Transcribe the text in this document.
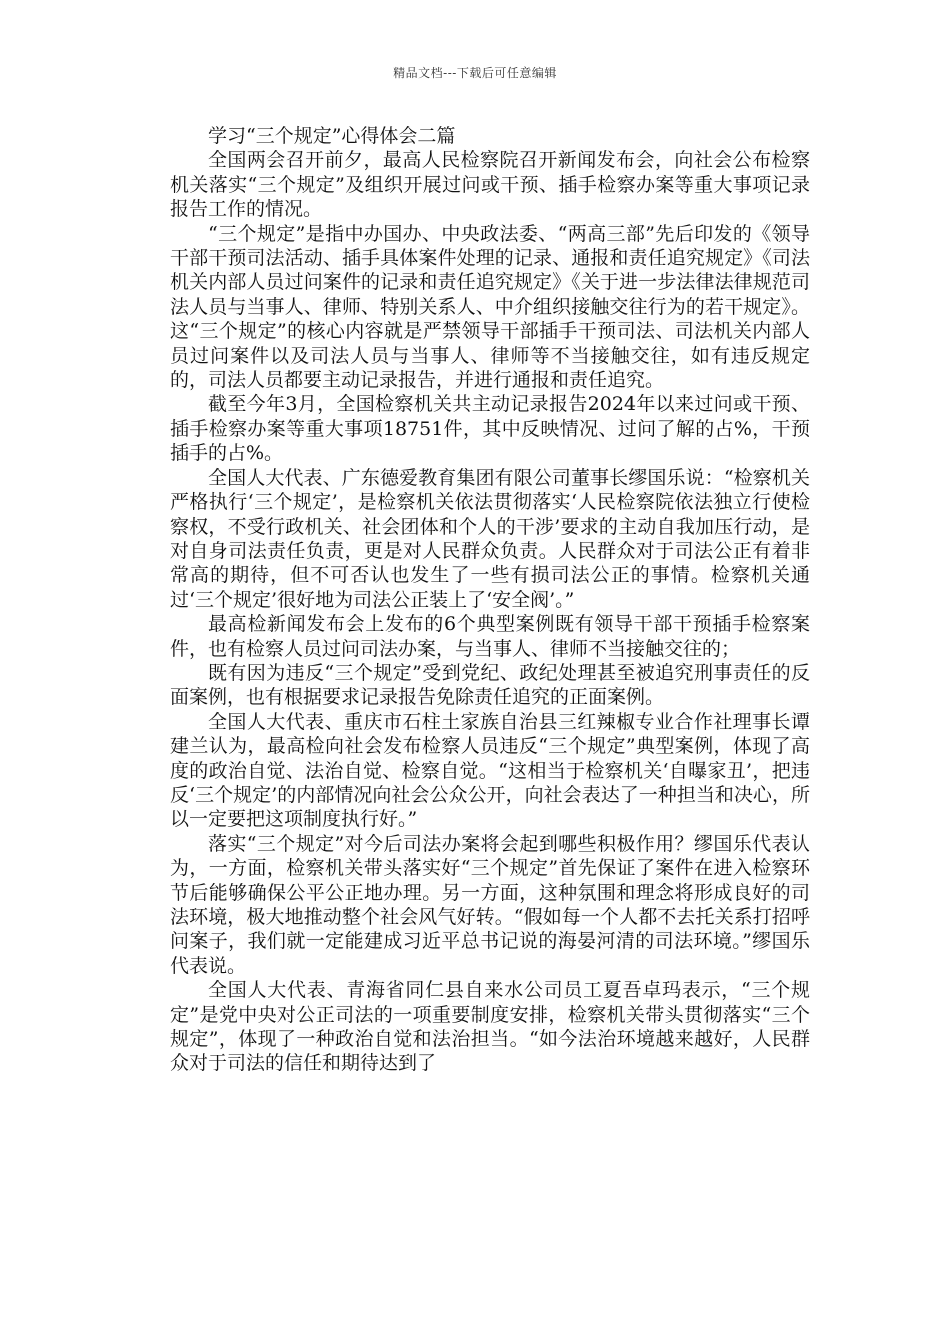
精品文档---下载后可任意编辑

学习“三个规定”心得体会二篇

全国两会召开前夕，最高人民检察院召开新闻发布会，向社会公布检察机关落实“三个规定”及组织开展过问或干预、插手检察办案等重大事项记录报告工作的情况。

“三个规定”是指中办国办、中央政法委、“两高三部”先后印发的《领导干部干预司法活动、插手具体案件处理的记录、通报和责任追究规定》《司法机关内部人员过问案件的记录和责任追究规定》《关于进一步法律法律规范司法人员与当事人、律师、特别关系人、中介组织接触交往行为的若干规定》。这“三个规定”的核心内容就是严禁领导干部插手干预司法、司法机关内部人员过问案件以及司法人员与当事人、律师等不当接触交往，如有违反规定的，司法人员都要主动记录报告，并进行通报和责任追究。

截至今年3月，全国检察机关共主动记录报告2024年以来过问或干预、插手检察办案等重大事项18751件，其中反映情况、过问了解的占%，干预插手的占%。

全国人大代表、广东德爱教育集团有限公司董事长缪国乐说：“检察机关严格执行‘三个规定’，是检察机关依法贯彻落实‘人民检察院依法独立行使检察权，不受行政机关、社会团体和个人的干涉’要求的主动自我加压行动，是对自身司法责任负责，更是对人民群众负责。人民群众对于司法公正有着非常高的期待，但不可否认也发生了一些有损司法公正的事情。检察机关通过‘三个规定’很好地为司法公正装上了‘安全阀’。”

最高检新闻发布会上发布的6个典型案例既有领导干部干预插手检察案件，也有检察人员过问司法办案，与当事人、律师不当接触交往的；

既有因为违反“三个规定”受到党纪、政纪处理甚至被追究刑事责任的反面案例，也有根据要求记录报告免除责任追究的正面案例。

全国人大代表、重庆市石柱土家族自治县三红辣椒专业合作社理事长谭建兰认为，最高检向社会发布检察人员违反“三个规定”典型案例，体现了高度的政治自觉、法治自觉、检察自觉。“这相当于检察机关‘自曝家丑’，把违反‘三个规定’的内部情况向社会公众公开，向社会表达了一种担当和决心，所以一定要把这项制度执行好。”

落实“三个规定”对今后司法办案将会起到哪些积极作用？缪国乐代表认为，一方面，检察机关带头落实好“三个规定”首先保证了案件在进入检察环节后能够确保公平公正地办理。另一方面，这种氛围和理念将形成良好的司法环境，极大地推动整个社会风气好转。“假如每一个人都不去托关系打招呼问案子，我们就一定能建成习近平总书记说的海晏河清的司法环境。”缪国乐代表说。

全国人大代表、青海省同仁县自来水公司员工夏吾卓玛表示，“三个规定”是党中央对公正司法的一项重要制度安排，检察机关带头贯彻落实“三个规定”，体现了一种政治自觉和法治担当。“如今法治环境越来越好，人民群众对于司法的信任和期待达到了
